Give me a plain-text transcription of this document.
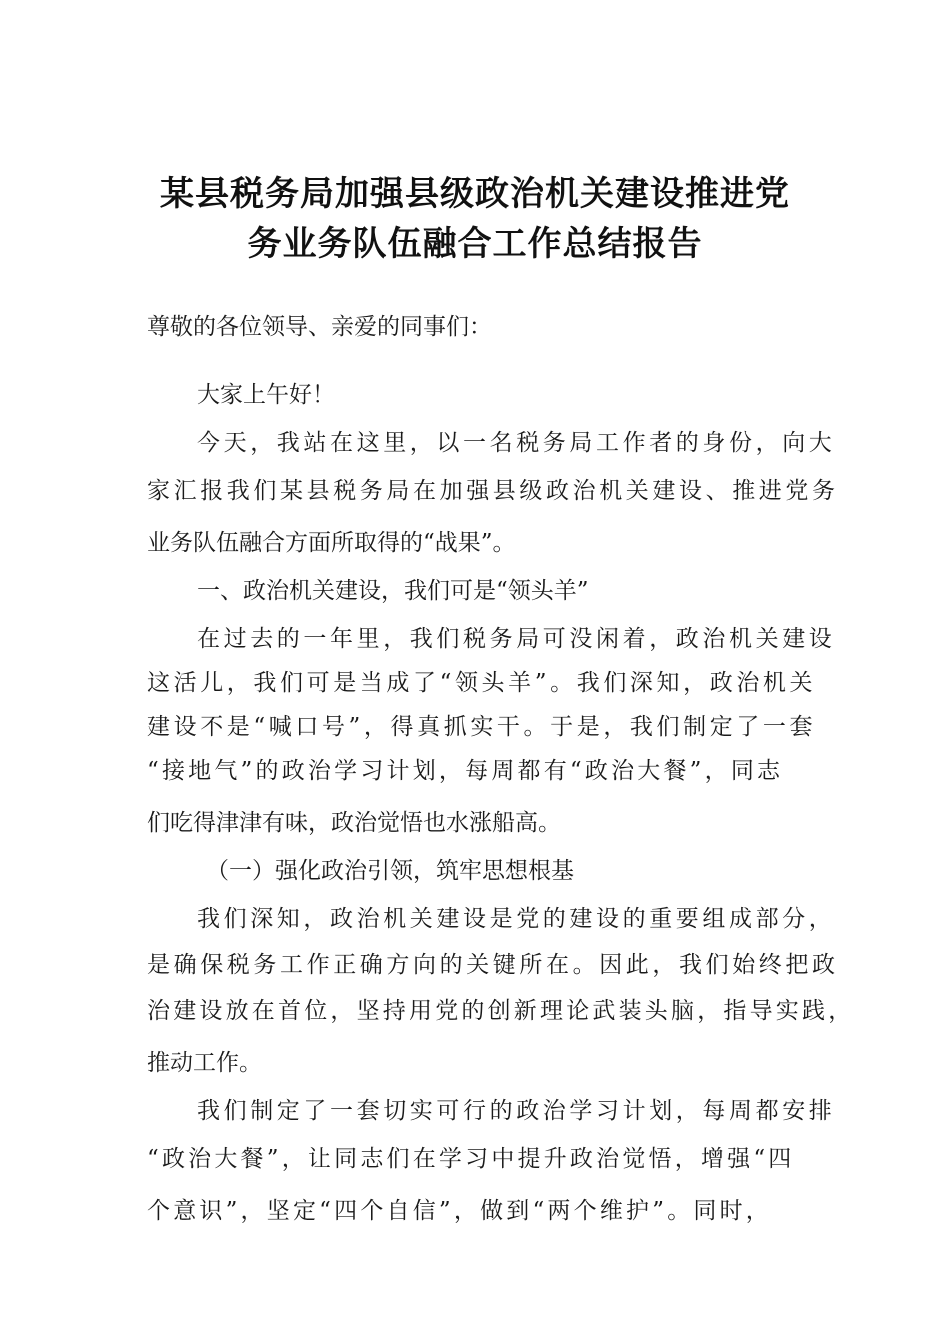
某县税务局加强县级政治机关建设推进党
务业务队伍融合工作总结报告
尊敬的各位领导、亲爱的同事们：
大家上午好！
今天，我站在这里，以一名税务局工作者的身份，向大
家汇报我们某县税务局在加强县级政治机关建设、推进党务
业务队伍融合方面所取得的“战果”。
一、政治机关建设，我们可是“领头羊”
在过去的一年里，我们税务局可没闲着，政治机关建设
这活儿，我们可是当成了“领头羊”。我们深知，政治机关
建设不是“喊口号”，得真抓实干。于是，我们制定了一套
“接地气”的政治学习计划，每周都有“政治大餐”，同志
们吃得津津有味，政治觉悟也水涨船高。
（一）强化政治引领，筑牢思想根基
我们深知，政治机关建设是党的建设的重要组成部分，
是确保税务工作正确方向的关键所在。因此，我们始终把政
治建设放在首位，坚持用党的创新理论武装头脑，指导实践，
推动工作。
我们制定了一套切实可行的政治学习计划，每周都安排
“政治大餐”，让同志们在学习中提升政治觉悟，增强“四
个意识”，坚定“四个自信”，做到“两个维护”。同时，
